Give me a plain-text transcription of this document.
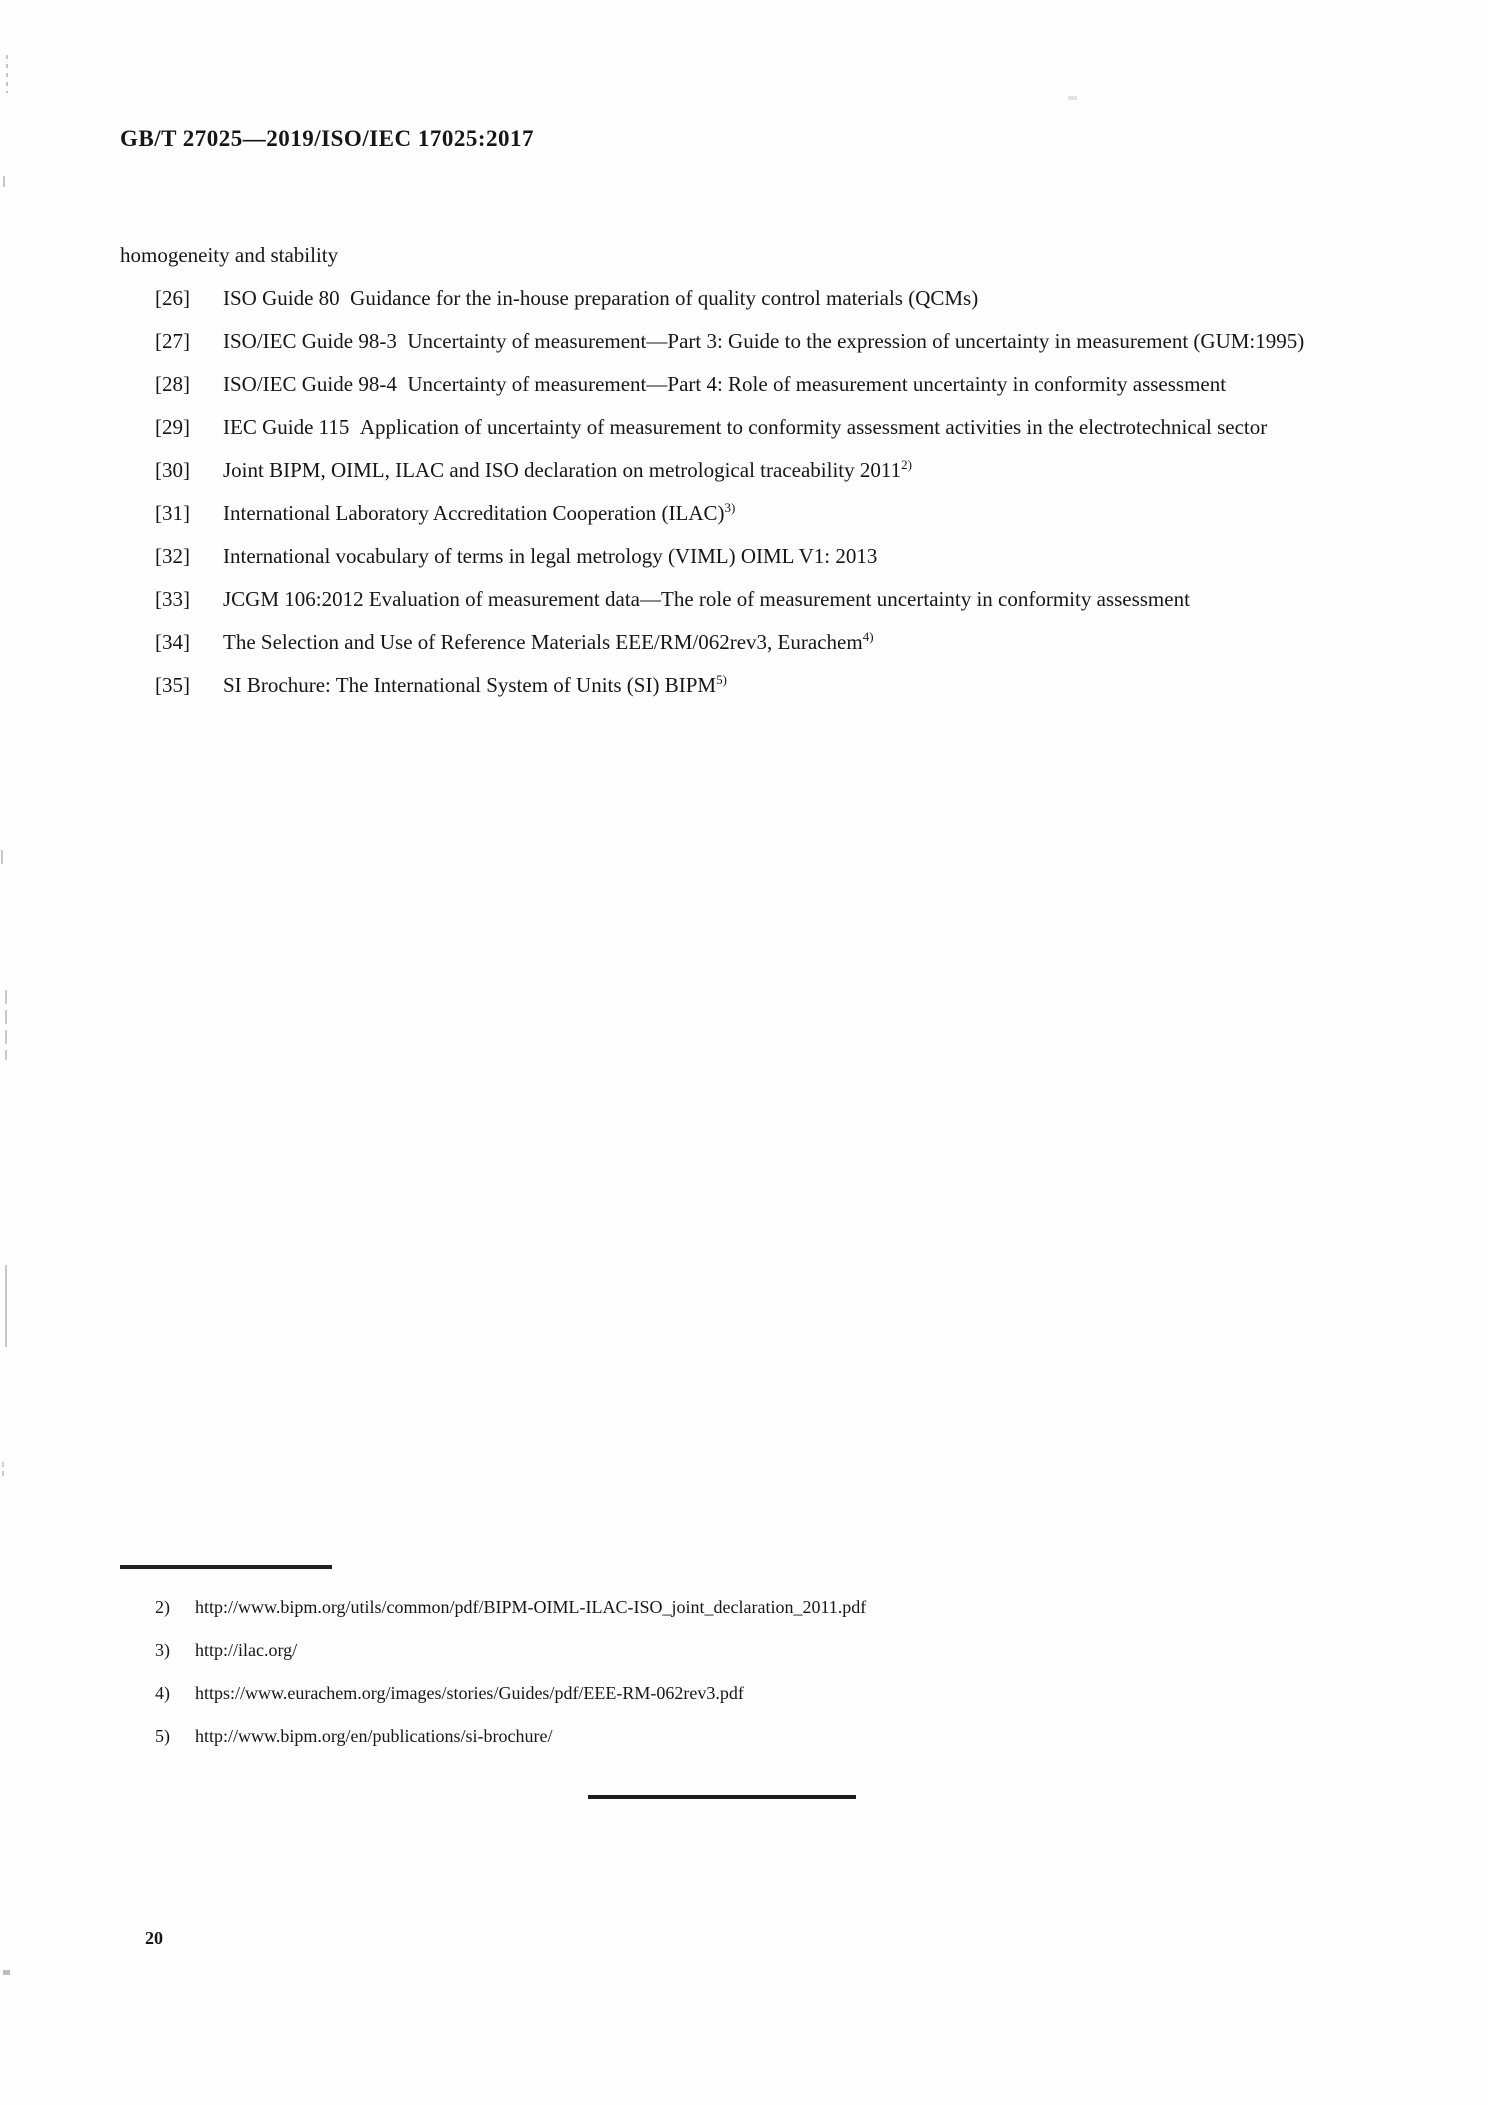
GB/T 27025—2019/ISO/IEC 17025:2017

homogeneity and stability

[26] ISO Guide 80 Guidance for the in-house preparation of quality control materials (QCMs)

[27] ISO/IEC Guide 98-3 Uncertainty of measurement—Part 3: Guide to the expression of uncertainty in measurement (GUM:1995)

[28] ISO/IEC Guide 98-4 Uncertainty of measurement—Part 4: Role of measurement uncertainty in conformity assessment

[29] IEC Guide 115 Application of uncertainty of measurement to conformity assessment activities in the electrotechnical sector

[30] Joint BIPM, OIML, ILAC and ISO declaration on metrological traceability 2011$^{2)}$

[31] International Laboratory Accreditation Cooperation (ILAC)$^{3)}$

[32] International vocabulary of terms in legal metrology (VIML) OIML V1: 2013

[33] JCGM 106:2012 Evaluation of measurement data—The role of measurement uncertainty in conformity assessment

[34] The Selection and Use of Reference Materials EEE/RM/062rev3, Eurachem$^{4)}$

[35] SI Brochure: The International System of Units (SI) BIPM$^{5)}$

2) http://www.bipm.org/utils/common/pdf/BIPM-OIML-ILAC-ISO_joint_declaration_2011.pdf

3) http://ilac.org/

4) https://www.eurachem.org/images/stories/Guides/pdf/EEE-RM-062rev3.pdf

5) http://www.bipm.org/en/publications/si-brochure/

20
